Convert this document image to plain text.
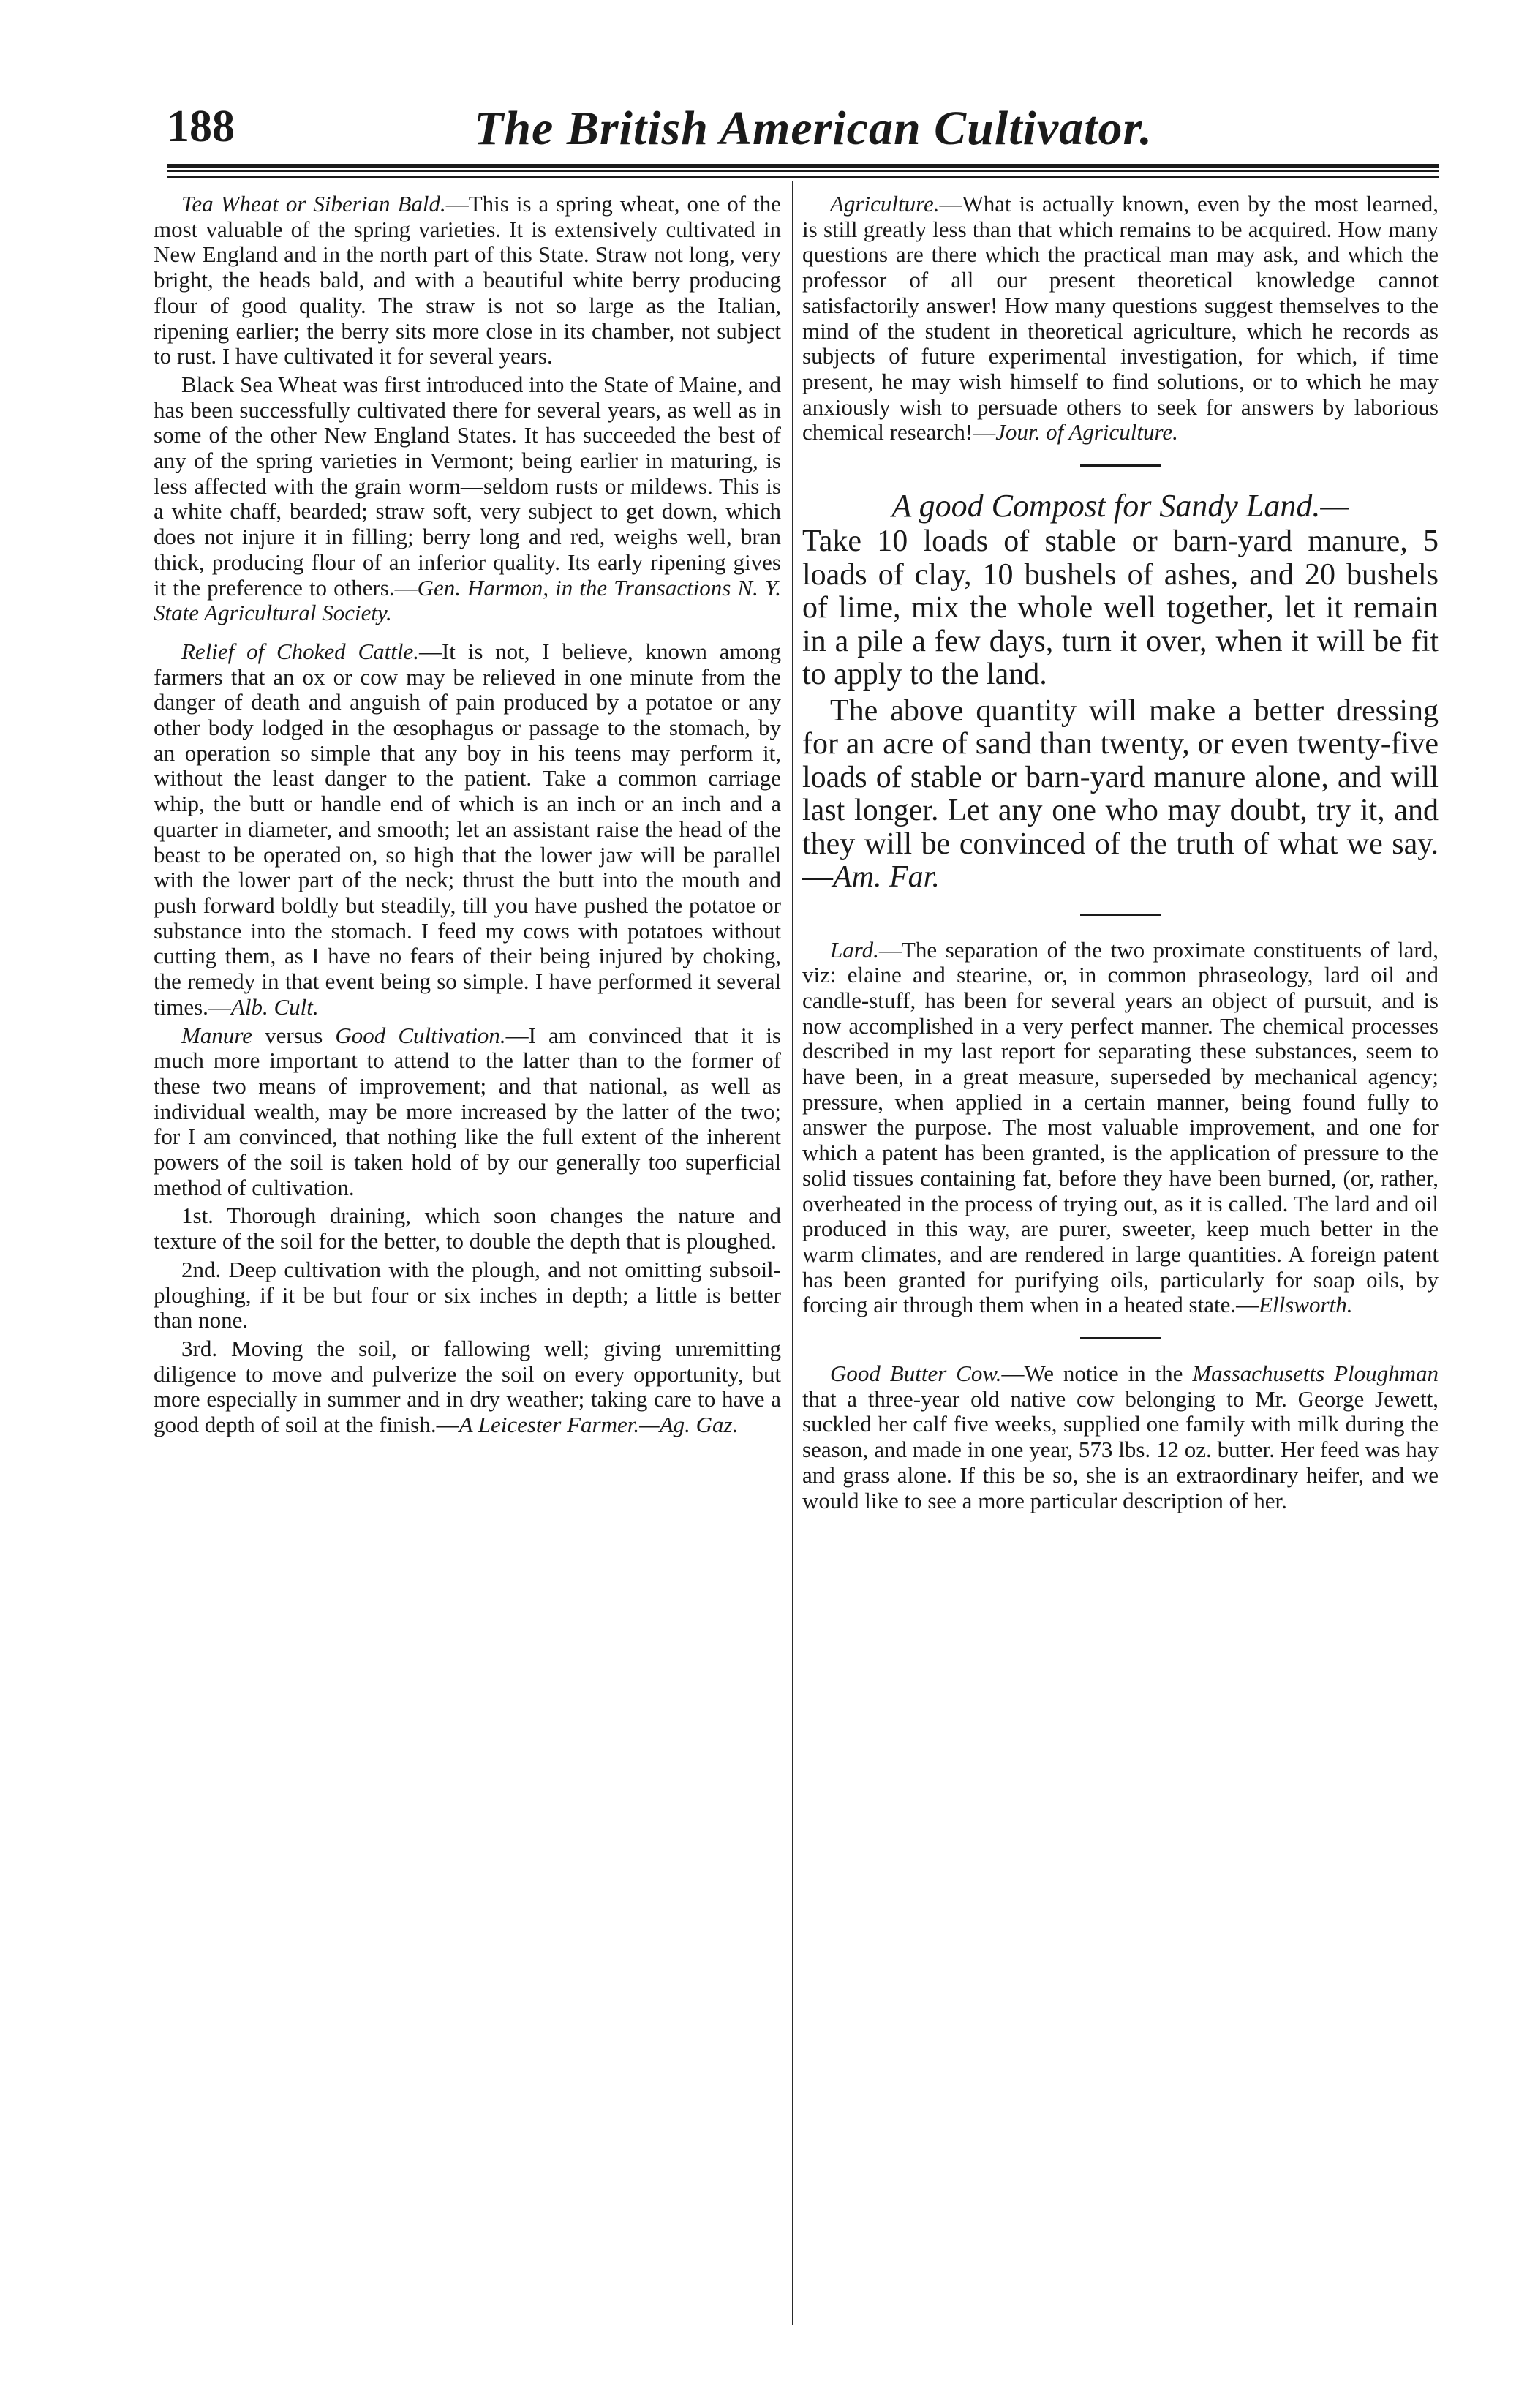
188	The British American Cultivator.

Tea Wheat or Siberian Bald.—This is a spring wheat, one of the most valuable of the spring varieties. It is extensively cultivated in New England and in the north part of this State. Straw not long, very bright, the heads bald, and with a beautiful white berry producing flour of good quality. The straw is not so large as the Italian, ripening earlier; the berry sits more close in its chamber, not subject to rust. I have cultivated it for several years.

Black Sea Wheat was first introduced into the State of Maine, and has been successfully cultivated there for several years, as well as in some of the other New England States. It has succeeded the best of any of the spring varieties in Vermont; being earlier in maturing, is less affected with the grain worm—seldom rusts or mildews. This is a white chaff, bearded; straw soft, very subject to get down, which does not injure it in filling; berry long and red, weighs well, bran thick, producing flour of an inferior quality. Its early ripening gives it the preference to others.—Gen. Harmon, in the Transactions N. Y. State Agricultural Society.

Relief of Choked Cattle.—It is not, I believe, known among farmers that an ox or cow may be relieved in one minute from the danger of death and anguish of pain produced by a potatoe or any other body lodged in the œsophagus or passage to the stomach, by an operation so simple that any boy in his teens may perform it, without the least danger to the patient. Take a common carriage whip, the butt or handle end of which is an inch or an inch and a quarter in diameter, and smooth; let an assistant raise the head of the beast to be operated on, so high that the lower jaw will be parallel with the lower part of the neck; thrust the butt into the mouth and push forward boldly but steadily, till you have pushed the potatoe or substance into the stomach. I feed my cows with potatoes without cutting them, as I have no fears of their being injured by choking, the remedy in that event being so simple. I have performed it several times.—Alb. Cult.

Manure versus Good Cultivation.—I am convinced that it is much more important to attend to the latter than to the former of these two means of improvement; and that national, as well as individual wealth, may be more increased by the latter of the two; for I am convinced, that nothing like the full extent of the inherent powers of the soil is taken hold of by our generally too superficial method of cultivation.

1st. Thorough draining, which soon changes the nature and texture of the soil for the better, to double the depth that is ploughed.

2nd. Deep cultivation with the plough, and not omitting subsoil-ploughing, if it be but four or six inches in depth; a little is better than none.

3rd. Moving the soil, or fallowing well; giving unremitting diligence to move and pulverize the soil on every opportunity, but more especially in summer and in dry weather; taking care to have a good depth of soil at the finish.—A Leicester Farmer.—Ag. Gaz.

Agriculture.—What is actually known, even by the most learned, is still greatly less than that which remains to be acquired. How many questions are there which the practical man may ask, and which the professor of all our present theoretical knowledge cannot satisfactorily answer! How many questions suggest themselves to the mind of the student in theoretical agriculture, which he records as subjects of future experimental investigation, for which, if time present, he may wish himself to find solutions, or to which he may anxiously wish to persuade others to seek for answers by laborious chemical research!—Jour. of Agriculture.

A good Compost for Sandy Land.—

Take 10 loads of stable or barn-yard manure, 5 loads of clay, 10 bushels of ashes, and 20 bushels of lime, mix the whole well together, let it remain in a pile a few days, turn it over, when it will be fit to apply to the land.

The above quantity will make a better dressing for an acre of sand than twenty, or even twenty-five loads of stable or barn-yard manure alone, and will last longer. Let any one who may doubt, try it, and they will be convinced of the truth of what we say.—Am. Far.

Lard.—The separation of the two proximate constituents of lard, viz: elaine and stearine, or, in common phraseology, lard oil and candle-stuff, has been for several years an object of pursuit, and is now accomplished in a very perfect manner. The chemical processes described in my last report for separating these substances, seem to have been, in a great measure, superseded by mechanical agency; pressure, when applied in a certain manner, being found fully to answer the purpose. The most valuable improvement, and one for which a patent has been granted, is the application of pressure to the solid tissues containing fat, before they have been burned, (or, rather, overheated in the process of trying out, as it is called. The lard and oil produced in this way, are purer, sweeter, keep much better in the warm climates, and are rendered in large quantities. A foreign patent has been granted for purifying oils, particularly for soap oils, by forcing air through them when in a heated state.—Ellsworth.

Good Butter Cow.—We notice in the Massachusetts Ploughman that a three-year old native cow belonging to Mr. George Jewett, suckled her calf five weeks, supplied one family with milk during the season, and made in one year, 573 lbs. 12 oz. butter. Her feed was hay and grass alone. If this be so, she is an extraordinary heifer, and we would like to see a more particular description of her.
